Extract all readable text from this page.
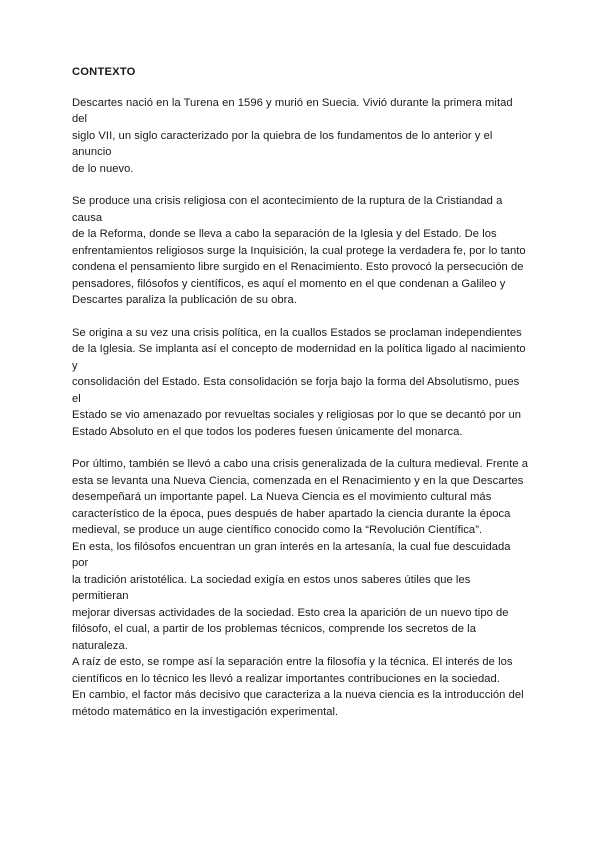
CONTEXTO
Descartes nació en la Turena en 1596 y murió en Suecia. Vivió durante la primera mitad del
siglo VII, un siglo caracterizado por la quiebra de los fundamentos de lo anterior y el anuncio
de lo nuevo.
Se produce una crisis religiosa con el acontecimiento de la ruptura de la Cristiandad a causa
de la Reforma, donde se lleva a cabo la separación de la Iglesia y del Estado. De los
enfrentamientos religiosos surge la Inquisición, la cual protege la verdadera fe, por lo tanto
condena el pensamiento libre surgido en el Renacimiento. Esto provocó la persecución de
pensadores, filósofos y científicos, es aquí el momento en el que condenan a Galileo y
Descartes paraliza la publicación de su obra.
Se origina a su vez una crisis política, en la cuallos Estados se proclaman independientes
de la Iglesia. Se implanta así el concepto de modernidad en la política ligado al nacimiento y
consolidación del Estado. Esta consolidación se forja bajo la forma del Absolutismo, pues el
Estado se vio amenazado por revueltas sociales y religiosas por lo que se decantó por un
Estado Absoluto en el que todos los poderes fuesen únicamente del monarca.
Por último, también se llevó a cabo una crisis generalizada de la cultura medieval. Frente a
esta se levanta una Nueva Ciencia, comenzada en el Renacimiento y en la que Descartes
desempeñará un importante papel. La Nueva Ciencia es el movimiento cultural más
característico de la época, pues después de haber apartado la ciencia durante la época
medieval, se produce un auge científico conocido como la “Revolución Científica”.
En esta, los filósofos encuentran un gran interés en la artesanía, la cual fue descuidada por
la tradición aristotélica. La sociedad exigía en estos unos saberes útiles que les permitieran
mejorar diversas actividades de la sociedad. Esto crea la aparición de un nuevo tipo de
filósofo, el cual, a partir de los problemas técnicos, comprende los secretos de la naturaleza.
A raíz de esto, se rompe así la separación entre la filosofía y la técnica. El interés de los
científicos en lo técnico les llevó a realizar importantes contribuciones en la sociedad.
En cambio, el factor más decisivo que caracteriza a la nueva ciencia es la introducción del
método matemático en la investigación experimental.
